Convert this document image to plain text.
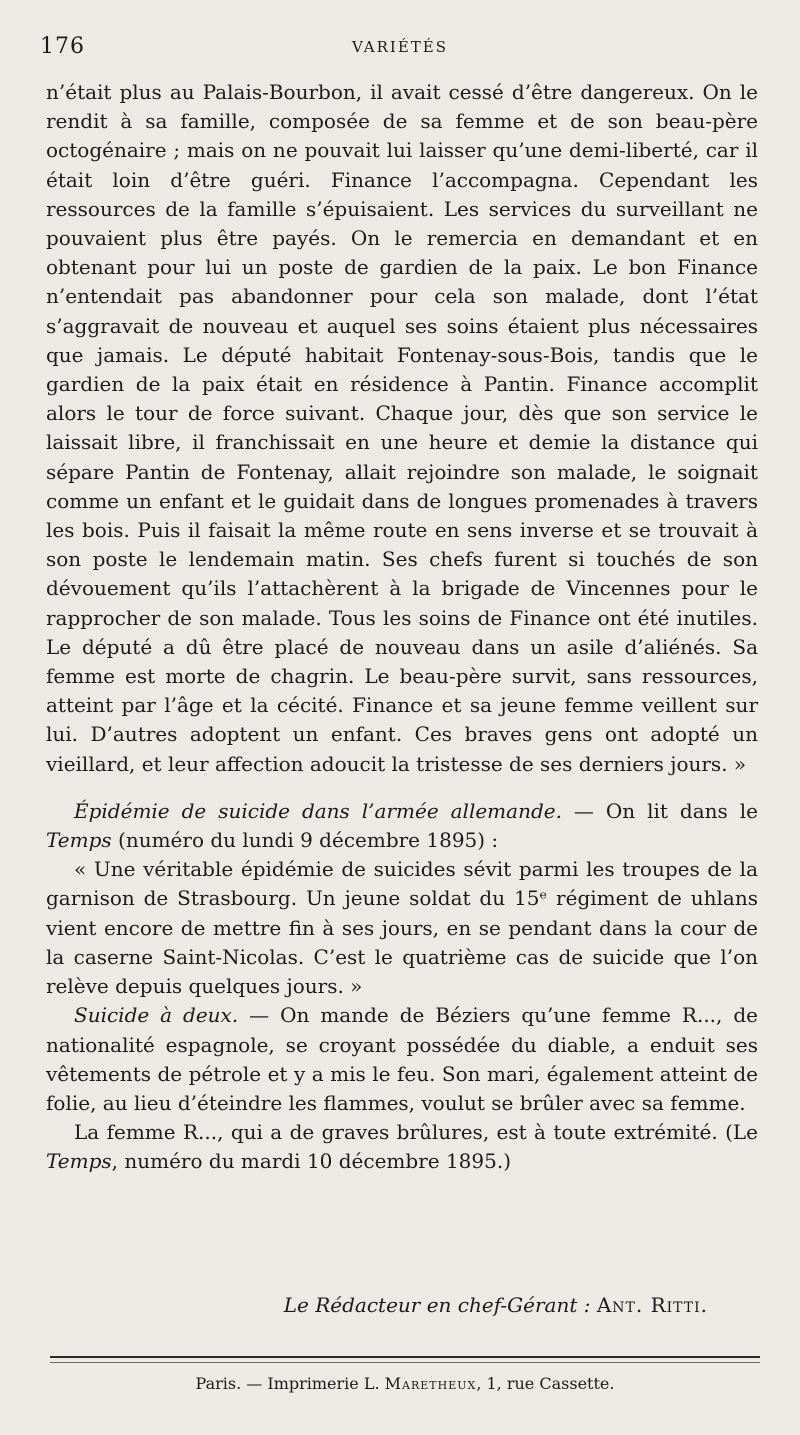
176	VARIÉTÉS

n’était plus au Palais-Bourbon, il avait cessé d’être dangereux. On le rendit à sa famille, composée de sa femme et de son beau-père octogénaire ; mais on ne pouvait lui laisser qu’une demi-liberté, car il était loin d’être guéri. Finance l’accompagna. Cependant les ressources de la famille s’épuisaient. Les services du surveillant ne pouvaient plus être payés. On le remercia en demandant et en obtenant pour lui un poste de gardien de la paix. Le bon Finance n’entendait pas abandonner pour cela son malade, dont l’état s’aggravait de nouveau et auquel ses soins étaient plus nécessaires que jamais. Le député habitait Fontenay-sous-Bois, tandis que le gardien de la paix était en résidence à Pantin. Finance accomplit alors le tour de force suivant. Chaque jour, dès que son service le laissait libre, il franchissait en une heure et demie la distance qui sépare Pantin de Fontenay, allait rejoindre son malade, le soignait comme un enfant et le guidait dans de longues promenades à travers les bois. Puis il faisait la même route en sens inverse et se trouvait à son poste le lendemain matin. Ses chefs furent si touchés de son dévouement qu’ils l’attachèrent à la brigade de Vincennes pour le rapprocher de son malade. Tous les soins de Finance ont été inutiles. Le député a dû être placé de nouveau dans un asile d’aliénés. Sa femme est morte de chagrin. Le beau-père survit, sans ressources, atteint par l’âge et la cécité. Finance et sa jeune femme veillent sur lui. D’autres adoptent un enfant. Ces braves gens ont adopté un vieillard, et leur affection adoucit la tristesse de ses derniers jours. »

Épidémie de suicide dans l’armée allemande. — On lit dans le Temps (numéro du lundi 9 décembre 1895) :

« Une véritable épidémie de suicides sévit parmi les troupes de la garnison de Strasbourg. Un jeune soldat du 15ᵉ régiment de uhlans vient encore de mettre fin à ses jours, en se pendant dans la cour de la caserne Saint-Nicolas. C’est le quatrième cas de suicide que l’on relève depuis quelques jours. »

Suicide à deux. — On mande de Béziers qu’une femme R..., de nationalité espagnole, se croyant possédée du diable, a enduit ses vêtements de pétrole et y a mis le feu. Son mari, également atteint de folie, au lieu d’éteindre les flammes, voulut se brûler avec sa femme.

La femme R..., qui a de graves brûlures, est à toute extrémité. (Le Temps, numéro du mardi 10 décembre 1895.)

Le Rédacteur en chef-Gérant : Ant. Ritti.
Paris. — Imprimerie L. Maretheux, 1, rue Cassette.
